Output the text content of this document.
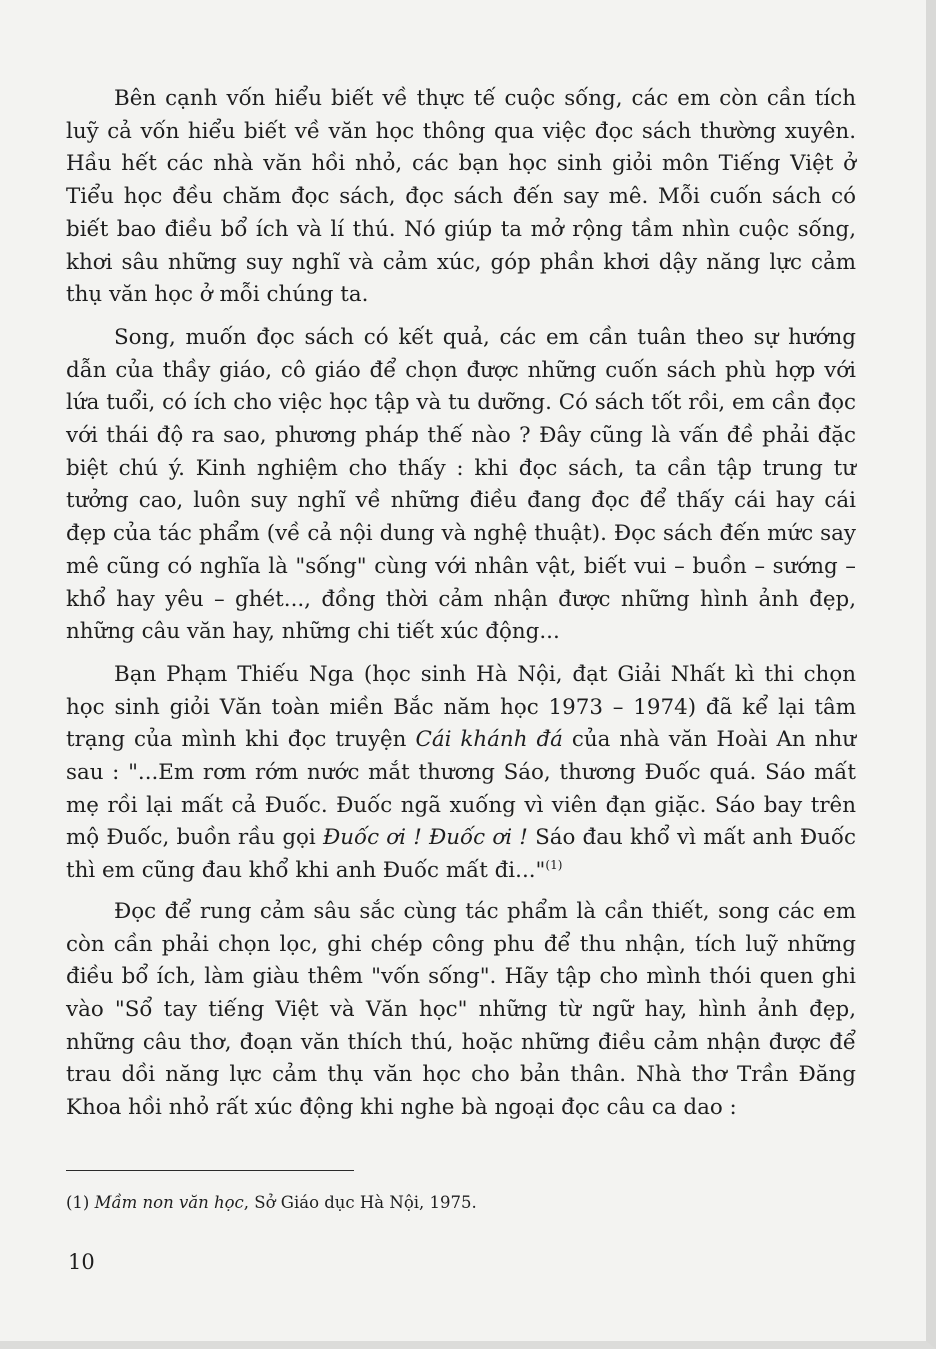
Bên cạnh vốn hiểu biết về thực tế cuộc sống, các em còn cần tích luỹ cả vốn hiểu biết về văn học thông qua việc đọc sách thường xuyên. Hầu hết các nhà văn hồi nhỏ, các bạn học sinh giỏi môn Tiếng Việt ở Tiểu học đều chăm đọc sách, đọc sách đến say mê. Mỗi cuốn sách có biết bao điều bổ ích và lí thú. Nó giúp ta mở rộng tầm nhìn cuộc sống, khơi sâu những suy nghĩ và cảm xúc, góp phần khơi dậy năng lực cảm thụ văn học ở mỗi chúng ta.

Song, muốn đọc sách có kết quả, các em cần tuân theo sự hướng dẫn của thầy giáo, cô giáo để chọn được những cuốn sách phù hợp với lứa tuổi, có ích cho việc học tập và tu dưỡng. Có sách tốt rồi, em cần đọc với thái độ ra sao, phương pháp thế nào ? Đây cũng là vấn đề phải đặc biệt chú ý. Kinh nghiệm cho thấy : khi đọc sách, ta cần tập trung tư tưởng cao, luôn suy nghĩ về những điều đang đọc để thấy cái hay cái đẹp của tác phẩm (về cả nội dung và nghệ thuật). Đọc sách đến mức say mê cũng có nghĩa là "sống" cùng với nhân vật, biết vui – buồn – sướng – khổ hay yêu – ghét..., đồng thời cảm nhận được những hình ảnh đẹp, những câu văn hay, những chi tiết xúc động...

Bạn Phạm Thiếu Nga (học sinh Hà Nội, đạt Giải Nhất kì thi chọn học sinh giỏi Văn toàn miền Bắc năm học 1973 – 1974) đã kể lại tâm trạng của mình khi đọc truyện Cái khánh đá của nhà văn Hoài An như sau : "...Em rơm rớm nước mắt thương Sáo, thương Đuốc quá. Sáo mất mẹ rồi lại mất cả Đuốc. Đuốc ngã xuống vì viên đạn giặc. Sáo bay trên mộ Đuốc, buồn rầu gọi Đuốc ơi ! Đuốc ơi ! Sáo đau khổ vì mất anh Đuốc thì em cũng đau khổ khi anh Đuốc mất đi..."$^{(1)}$

Đọc để rung cảm sâu sắc cùng tác phẩm là cần thiết, song các em còn cần phải chọn lọc, ghi chép công phu để thu nhận, tích luỹ những điều bổ ích, làm giàu thêm "vốn sống". Hãy tập cho mình thói quen ghi vào "Sổ tay tiếng Việt và Văn học" những từ ngữ hay, hình ảnh đẹp, những câu thơ, đoạn văn thích thú, hoặc những điều cảm nhận được để trau dồi năng lực cảm thụ văn học cho bản thân. Nhà thơ Trần Đăng Khoa hồi nhỏ rất xúc động khi nghe bà ngoại đọc câu ca dao :

(1) Mầm non văn học, Sở Giáo dục Hà Nội, 1975.

10
